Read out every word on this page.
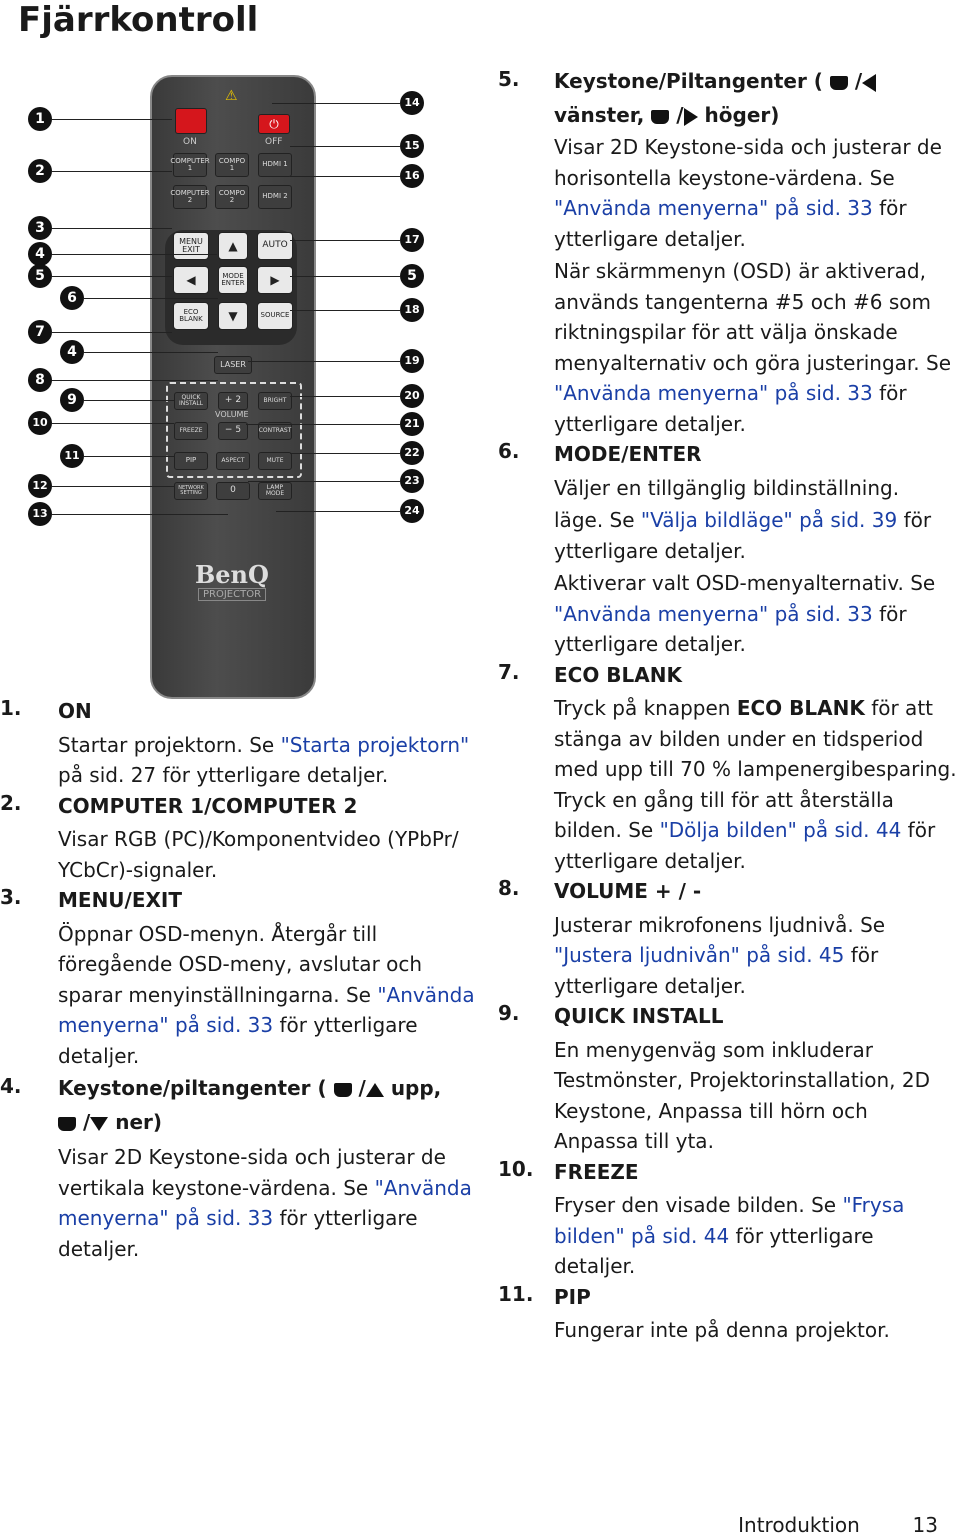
Fjärrkontroll
⏻
ON	OFF
⚠
COMPUTER 1
COMPO 1	HDMI 1
COMPUTER 2
COMPO 2	HDMI 2
MENU EXIT	▲	AUTO
◀	MODE ENTER	▶
ECO BLANK	▼	SOURCE
LASER
QUICK INSTALL	+ 2	BRIGHT
VOLUME
FREEZE	− 5	CONTRAST
PIP	ASPECT	MUTE
NETWORK SETTING	0	LAMP MODE
BenQ
PROJECTOR
1
2
3
4
5
6
7
4
8
9
10
11
12
13
14
15
16
17
5
18
19
20
21
22
23
24
1. ON
Startar projektorn. Se "Starta projektorn" på sid. 27 för ytterligare detaljer.
2. COMPUTER 1/COMPUTER 2
Visar RGB (PC)/Komponentvideo (YPbPr/ YCbCr)-signaler.
3. MENU/EXIT
Öppnar OSD-menyn. Återgår till föregående OSD-meny, avslutar och sparar menyinställningarna. Se "Använda menyerna" på sid. 33 för ytterligare detaljer.
4. Keystone/piltangenter (  / upp,
/ ner)
Visar 2D Keystone-sida och justerar de vertikala keystone-värdena. Se "Använda menyerna" på sid. 33 för ytterligare detaljer.
5. Keystone/Piltangenter (  /
vänster,  / höger)
Visar 2D Keystone-sida och justerar de horisontella keystone-värdena. Se "Använda menyerna" på sid. 33 för ytterligare detaljer.
När skärmmenyn (OSD) är aktiverad, används tangenterna #5 och #6 som riktningspilar för att välja önskade menyalternativ och göra justeringar. Se "Använda menyerna" på sid. 33 för ytterligare detaljer.
6. MODE/ENTER
Väljer en tillgänglig bildinställning.
läge. Se "Välja bildläge" på sid. 39 för ytterligare detaljer.
Aktiverar valt OSD-menyalternativ. Se "Använda menyerna" på sid. 33 för ytterligare detaljer.
7. ECO BLANK
Tryck på knappen ECO BLANK för att stänga av bilden under en tidsperiod med upp till 70 % lampenergibesparing. Tryck en gång till för att återställa bilden. Se "Dölja bilden" på sid. 44 för ytterligare detaljer.
8. VOLUME + / -
Justerar mikrofonens ljudnivå. Se "Justera ljudnivån" på sid. 45 för ytterligare detaljer.
9. QUICK INSTALL
En menygenväg som inkluderar Testmönster, Projektorinstallation, 2D Keystone, Anpassa till hörn och Anpassa till yta.
10. FREEZE
Fryser den visade bilden. Se "Frysa bilden" på sid. 44 för ytterligare detaljer.
11. PIP
Fungerar inte på denna projektor.
Introduktion	13
